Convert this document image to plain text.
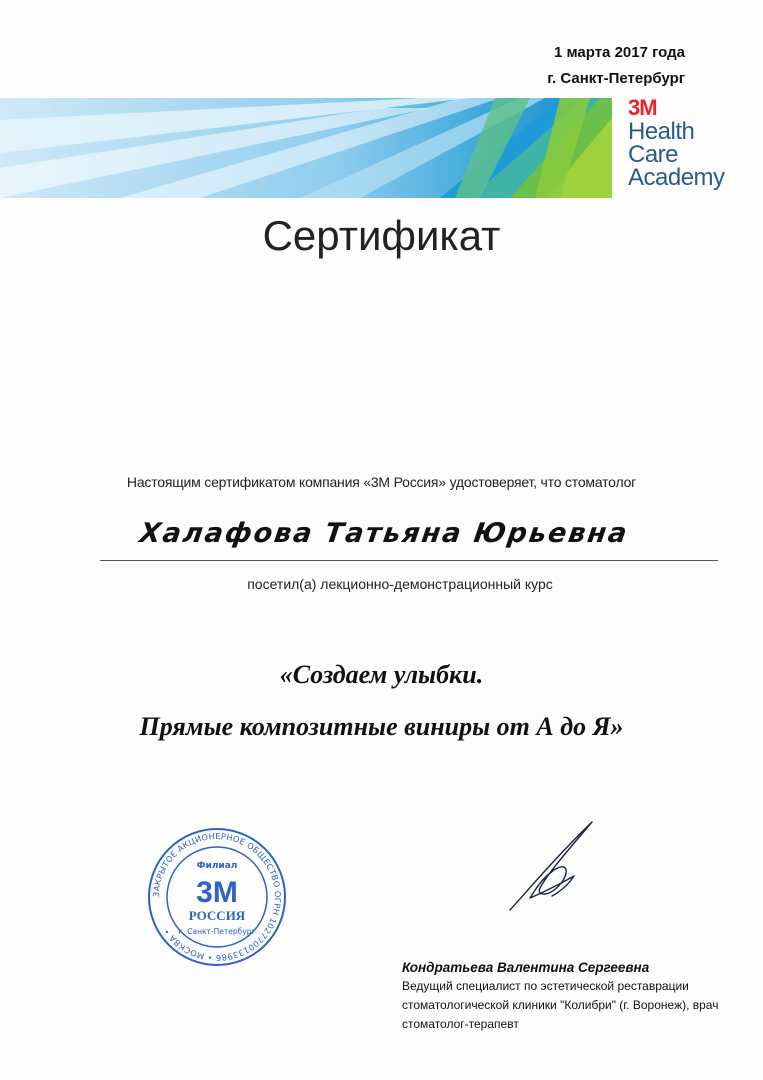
1 марта 2017 года
г. Санкт-Петербург
3M
Health
Care
Academy
Сертификат
Настоящим сертификатом компания «3М Россия» удостоверяет, что стоматолог
Халафова Татьяна Юрьевна
посетил(а) лекционно-демонстрационный курс
«Создаем улыбки.
Прямые композитные виниры от А до Я»
ЗАКРЫТОЕ АКЦИОНЕРНОЕ ОБЩЕСТВО ОГРН 1027700133986 • МОСКВА •
Филиал
3M
РОССИЯ
г. Санкт-Петербург
Кондратьева Валентина Сергеевна
Ведущий специалист по эстетической реставрации
стоматологической клиники "Колибри" (г. Воронеж), врач
стоматолог-терапевт
